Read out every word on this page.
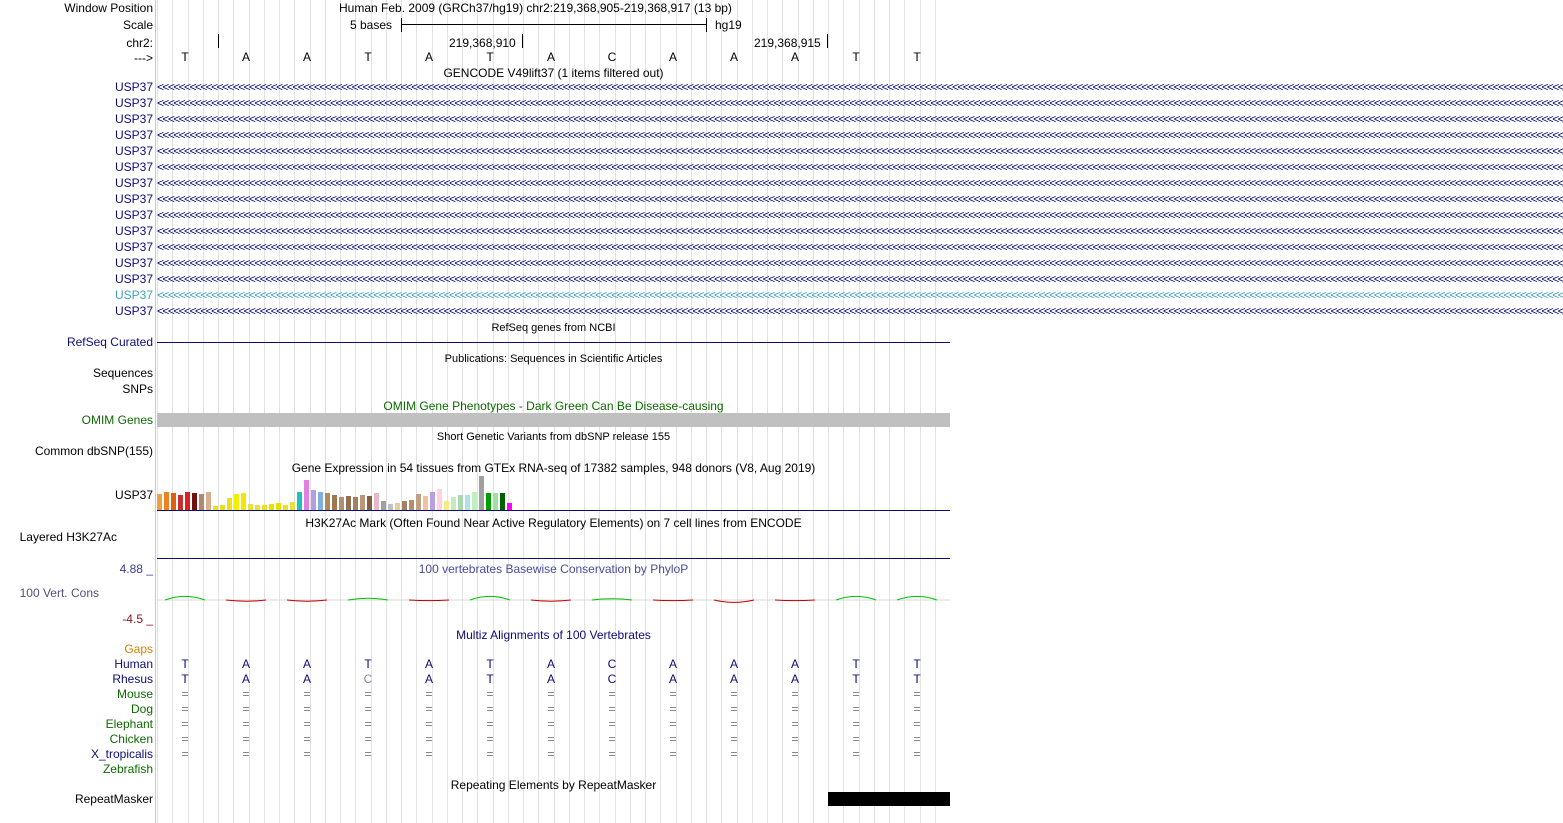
Window Position	Human Feb. 2009 (GRCh37/hg19) chr2:219,368,905-219,368,917 (13 bp)
Scale	5 bases	hg19
chr2:	219,368,910	219,368,915
--->	T	A	A	T	A	T	A	C	A	A	A	T	T
GENCODE V49lift37 (1 items filtered out)
USP37 <<<<<<<<<<<<<<<<<<<<<<<<<<<<<<<<<<<<<<<<<<<<<<<<<<<<<<<<<<<<<<<<<<<<<<<<<<<<<<<<<<<<<<<<<<<<<<<<<<<<<<<<<<<<<<<<<<<<<<<<<<<<<<<<<<<<<<<<<<<<<<<<<<<<<<<<<<<<<<<<<<<<<<<<<<<<<<<<<<<<<<<<<<<<<<<<<<<<<<<<<<<<<<<<<<<<<<<<<<<<<<<<<<<<<<<<<<<<<<<<<<<<<<<<<<<<<<<<<<<<
USP37 <<<<<<<<<<<<<<<<<<<<<<<<<<<<<<<<<<<<<<<<<<<<<<<<<<<<<<<<<<<<<<<<<<<<<<<<<<<<<<<<<<<<<<<<<<<<<<<<<<<<<<<<<<<<<<<<<<<<<<<<<<<<<<<<<<<<<<<<<<<<<<<<<<<<<<<<<<<<<<<<<<<<<<<<<<<<<<<<<<<<<<<<<<<<<<<<<<<<<<<<<<<<<<<<<<<<<<<<<<<<<<<<<<<<<<<<<<<<<<<<<<<<<<<<<<<<<<<<<<<<
USP37 <<<<<<<<<<<<<<<<<<<<<<<<<<<<<<<<<<<<<<<<<<<<<<<<<<<<<<<<<<<<<<<<<<<<<<<<<<<<<<<<<<<<<<<<<<<<<<<<<<<<<<<<<<<<<<<<<<<<<<<<<<<<<<<<<<<<<<<<<<<<<<<<<<<<<<<<<<<<<<<<<<<<<<<<<<<<<<<<<<<<<<<<<<<<<<<<<<<<<<<<<<<<<<<<<<<<<<<<<<<<<<<<<<<<<<<<<<<<<<<<<<<<<<<<<<<<<<<<<<<<
USP37 <<<<<<<<<<<<<<<<<<<<<<<<<<<<<<<<<<<<<<<<<<<<<<<<<<<<<<<<<<<<<<<<<<<<<<<<<<<<<<<<<<<<<<<<<<<<<<<<<<<<<<<<<<<<<<<<<<<<<<<<<<<<<<<<<<<<<<<<<<<<<<<<<<<<<<<<<<<<<<<<<<<<<<<<<<<<<<<<<<<<<<<<<<<<<<<<<<<<<<<<<<<<<<<<<<<<<<<<<<<<<<<<<<<<<<<<<<<<<<<<<<<<<<<<<<<<<<<<<<<<
USP37 <<<<<<<<<<<<<<<<<<<<<<<<<<<<<<<<<<<<<<<<<<<<<<<<<<<<<<<<<<<<<<<<<<<<<<<<<<<<<<<<<<<<<<<<<<<<<<<<<<<<<<<<<<<<<<<<<<<<<<<<<<<<<<<<<<<<<<<<<<<<<<<<<<<<<<<<<<<<<<<<<<<<<<<<<<<<<<<<<<<<<<<<<<<<<<<<<<<<<<<<<<<<<<<<<<<<<<<<<<<<<<<<<<<<<<<<<<<<<<<<<<<<<<<<<<<<<<<<<<<<
USP37 <<<<<<<<<<<<<<<<<<<<<<<<<<<<<<<<<<<<<<<<<<<<<<<<<<<<<<<<<<<<<<<<<<<<<<<<<<<<<<<<<<<<<<<<<<<<<<<<<<<<<<<<<<<<<<<<<<<<<<<<<<<<<<<<<<<<<<<<<<<<<<<<<<<<<<<<<<<<<<<<<<<<<<<<<<<<<<<<<<<<<<<<<<<<<<<<<<<<<<<<<<<<<<<<<<<<<<<<<<<<<<<<<<<<<<<<<<<<<<<<<<<<<<<<<<<<<<<<<<<<
USP37 <<<<<<<<<<<<<<<<<<<<<<<<<<<<<<<<<<<<<<<<<<<<<<<<<<<<<<<<<<<<<<<<<<<<<<<<<<<<<<<<<<<<<<<<<<<<<<<<<<<<<<<<<<<<<<<<<<<<<<<<<<<<<<<<<<<<<<<<<<<<<<<<<<<<<<<<<<<<<<<<<<<<<<<<<<<<<<<<<<<<<<<<<<<<<<<<<<<<<<<<<<<<<<<<<<<<<<<<<<<<<<<<<<<<<<<<<<<<<<<<<<<<<<<<<<<<<<<<<<<<
USP37 <<<<<<<<<<<<<<<<<<<<<<<<<<<<<<<<<<<<<<<<<<<<<<<<<<<<<<<<<<<<<<<<<<<<<<<<<<<<<<<<<<<<<<<<<<<<<<<<<<<<<<<<<<<<<<<<<<<<<<<<<<<<<<<<<<<<<<<<<<<<<<<<<<<<<<<<<<<<<<<<<<<<<<<<<<<<<<<<<<<<<<<<<<<<<<<<<<<<<<<<<<<<<<<<<<<<<<<<<<<<<<<<<<<<<<<<<<<<<<<<<<<<<<<<<<<<<<<<<<<<
USP37 <<<<<<<<<<<<<<<<<<<<<<<<<<<<<<<<<<<<<<<<<<<<<<<<<<<<<<<<<<<<<<<<<<<<<<<<<<<<<<<<<<<<<<<<<<<<<<<<<<<<<<<<<<<<<<<<<<<<<<<<<<<<<<<<<<<<<<<<<<<<<<<<<<<<<<<<<<<<<<<<<<<<<<<<<<<<<<<<<<<<<<<<<<<<<<<<<<<<<<<<<<<<<<<<<<<<<<<<<<<<<<<<<<<<<<<<<<<<<<<<<<<<<<<<<<<<<<<<<<<<
USP37 <<<<<<<<<<<<<<<<<<<<<<<<<<<<<<<<<<<<<<<<<<<<<<<<<<<<<<<<<<<<<<<<<<<<<<<<<<<<<<<<<<<<<<<<<<<<<<<<<<<<<<<<<<<<<<<<<<<<<<<<<<<<<<<<<<<<<<<<<<<<<<<<<<<<<<<<<<<<<<<<<<<<<<<<<<<<<<<<<<<<<<<<<<<<<<<<<<<<<<<<<<<<<<<<<<<<<<<<<<<<<<<<<<<<<<<<<<<<<<<<<<<<<<<<<<<<<<<<<<<<
USP37 <<<<<<<<<<<<<<<<<<<<<<<<<<<<<<<<<<<<<<<<<<<<<<<<<<<<<<<<<<<<<<<<<<<<<<<<<<<<<<<<<<<<<<<<<<<<<<<<<<<<<<<<<<<<<<<<<<<<<<<<<<<<<<<<<<<<<<<<<<<<<<<<<<<<<<<<<<<<<<<<<<<<<<<<<<<<<<<<<<<<<<<<<<<<<<<<<<<<<<<<<<<<<<<<<<<<<<<<<<<<<<<<<<<<<<<<<<<<<<<<<<<<<<<<<<<<<<<<<<<<
USP37 <<<<<<<<<<<<<<<<<<<<<<<<<<<<<<<<<<<<<<<<<<<<<<<<<<<<<<<<<<<<<<<<<<<<<<<<<<<<<<<<<<<<<<<<<<<<<<<<<<<<<<<<<<<<<<<<<<<<<<<<<<<<<<<<<<<<<<<<<<<<<<<<<<<<<<<<<<<<<<<<<<<<<<<<<<<<<<<<<<<<<<<<<<<<<<<<<<<<<<<<<<<<<<<<<<<<<<<<<<<<<<<<<<<<<<<<<<<<<<<<<<<<<<<<<<<<<<<<<<<<
USP37 <<<<<<<<<<<<<<<<<<<<<<<<<<<<<<<<<<<<<<<<<<<<<<<<<<<<<<<<<<<<<<<<<<<<<<<<<<<<<<<<<<<<<<<<<<<<<<<<<<<<<<<<<<<<<<<<<<<<<<<<<<<<<<<<<<<<<<<<<<<<<<<<<<<<<<<<<<<<<<<<<<<<<<<<<<<<<<<<<<<<<<<<<<<<<<<<<<<<<<<<<<<<<<<<<<<<<<<<<<<<<<<<<<<<<<<<<<<<<<<<<<<<<<<<<<<<<<<<<<<<
USP37 <<<<<<<<<<<<<<<<<<<<<<<<<<<<<<<<<<<<<<<<<<<<<<<<<<<<<<<<<<<<<<<<<<<<<<<<<<<<<<<<<<<<<<<<<<<<<<<<<<<<<<<<<<<<<<<<<<<<<<<<<<<<<<<<<<<<<<<<<<<<<<<<<<<<<<<<<<<<<<<<<<<<<<<<<<<<<<<<<<<<<<<<<<<<<<<<<<<<<<<<<<<<<<<<<<<<<<<<<<<<<<<<<<<<<<<<<<<<<<<<<<<<<<<<<<<<<<<<<<<<
USP37 <<<<<<<<<<<<<<<<<<<<<<<<<<<<<<<<<<<<<<<<<<<<<<<<<<<<<<<<<<<<<<<<<<<<<<<<<<<<<<<<<<<<<<<<<<<<<<<<<<<<<<<<<<<<<<<<<<<<<<<<<<<<<<<<<<<<<<<<<<<<<<<<<<<<<<<<<<<<<<<<<<<<<<<<<<<<<<<<<<<<<<<<<<<<<<<<<<<<<<<<<<<<<<<<<<<<<<<<<<<<<<<<<<<<<<<<<<<<<<<<<<<<<<<<<<<<<<<<<<<<
RefSeq genes from NCBI
RefSeq Curated
Publications: Sequences in Scientific Articles
Sequences
SNPs
OMIM Gene Phenotypes - Dark Green Can Be Disease-causing
OMIM Genes
Short Genetic Variants from dbSNP release 155
Common dbSNP(155)
Gene Expression in 54 tissues from GTEx RNA-seq of 17382 samples, 948 donors (V8, Aug 2019)
USP37
H3K27Ac Mark (Often Found Near Active Regulatory Elements) on 7 cell lines from ENCODE
Layered H3K27Ac
100 vertebrates Basewise Conservation by PhyloP
4.88 _
100 Vert. Cons
-4.5 _
Multiz Alignments of 100 Vertebrates
Gaps
Human	T	A	A	T	A	T	A	C	A	A	A	T	T
Rhesus	T	A	A	C	A	T	A	C	A	A	A	T	T
Mouse	=	=	=	=	=	=	=	=	=	=	=	=	=
Dog	=	=	=	=	=	=	=	=	=	=	=	=	=
Elephant	=	=	=	=	=	=	=	=	=	=	=	=	=
Chicken	=	=	=	=	=	=	=	=	=	=	=	=	=
X_tropicalis	=	=	=	=	=	=	=	=	=	=	=	=	=
Zebrafish
Repeating Elements by RepeatMasker
RepeatMasker
